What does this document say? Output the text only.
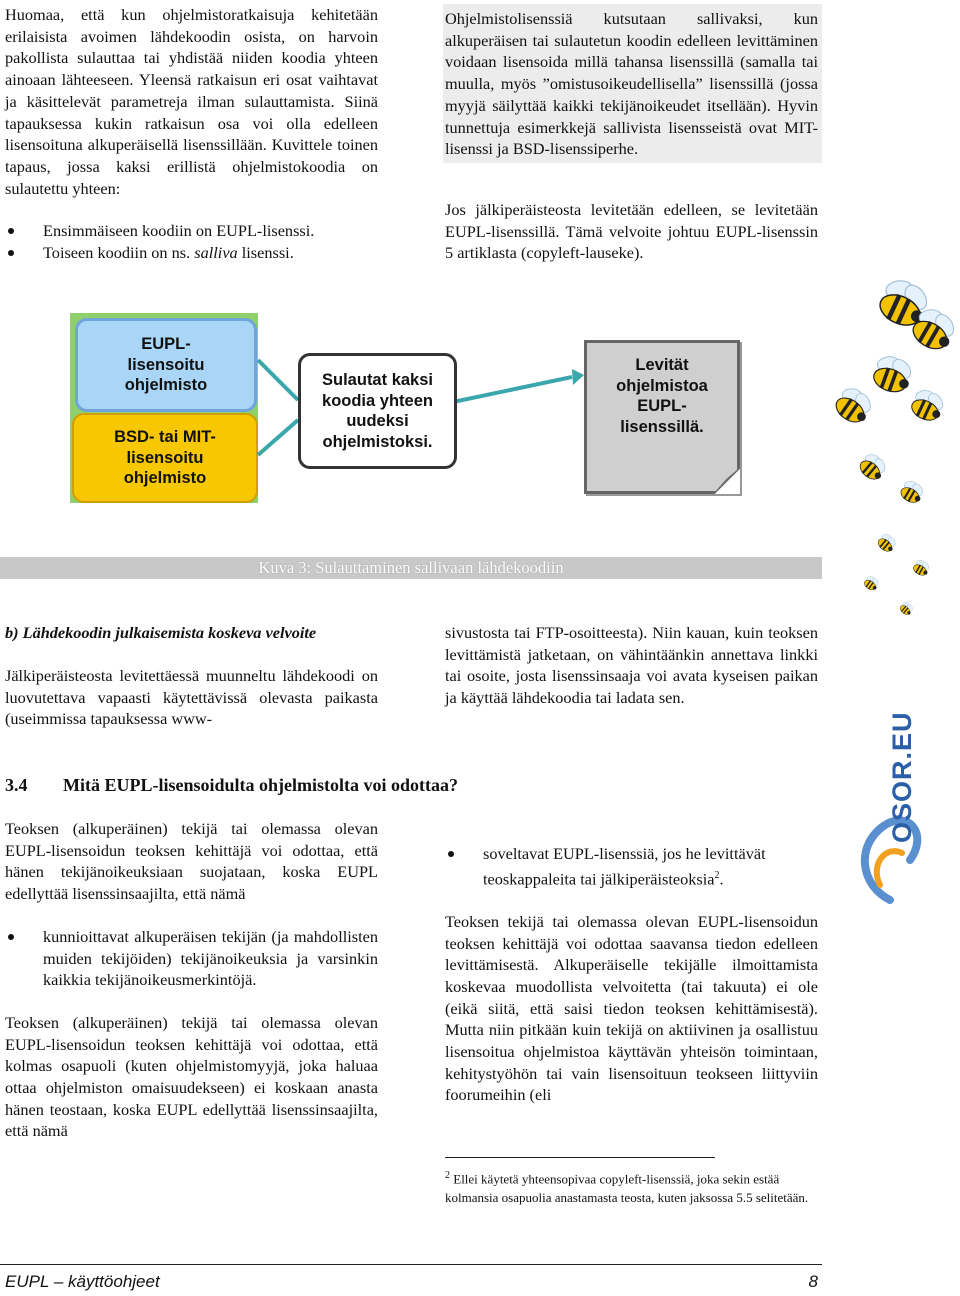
Huomaa, että kun ohjelmistoratkaisuja kehitetään erilaisista avoimen lähdekoodin osista, on harvoin pakollista sulauttaa tai yhdistää niiden koodia yhteen ainoaan lähteeseen. Yleensä ratkaisun eri osat vaihtavat ja käsittelevät parametreja ilman sulauttamista. Siinä tapauksessa kukin ratkaisun osa voi olla edelleen lisensoituna alkuperäisellä lisenssillään. Kuvittele toinen tapaus, jossa kaksi erillistä ohjelmistokoodia on sulautettu yhteen:

Ensimmäiseen koodiin on EUPL-lisenssi.
Toiseen koodiin on ns. salliva lisenssi.

Ohjelmistolisenssiä kutsutaan sallivaksi, kun alkuperäisen tai sulautetun koodin edelleen levittäminen voidaan lisensoida millä tahansa lisenssillä (samalla tai muulla, myös ”omistusoikeudellisella” lisenssillä (jossa myyjä säilyttää kaikki tekijänoikeudet itsellään). Hyvin tunnettuja esimerkkejä sallivista lisensseistä ovat MIT-lisenssi ja BSD-lisenssiperhe.

Jos jälkiperäisteosta levitetään edelleen, se levitetään EUPL-lisenssillä. Tämä velvoite johtuu EUPL-lisenssin 5 artiklasta (copyleft-lauseke).

EUPL-lisensoitu ohjelmisto
BSD- tai MIT-lisensoitu ohjelmisto
Sulautat kaksi koodia yhteen uudeksi ohjelmistoksi.
Levität ohjelmistoa EUPL-lisenssillä.
Kuva 3: Sulauttaminen sallivaan lähdekoodiin

b) Lähdekoodin julkaisemista koskeva velvoite

Jälkiperäisteosta levitettäessä muunneltu lähdekoodi on luovutettava vapaasti käytettävissä olevasta paikasta (useimmissa tapauksessa www-

sivustosta tai FTP-osoitteesta). Niin kauan, kuin teoksen levittämistä jatketaan, on vähintäänkin annettava linkki tai osoite, josta lisenssinsaaja voi avata kyseisen paikan ja käyttää lähdekoodia tai ladata sen.

3.4 Mitä EUPL-lisensoidulta ohjelmistolta voi odottaa?

Teoksen (alkuperäinen) tekijä tai olemassa olevan EUPL-lisensoidun teoksen kehittäjä voi odottaa, että hänen tekijänoikeuksiaan suojataan, koska EUPL edellyttää lisenssinsaajilta, että nämä

kunnioittavat alkuperäisen tekijän (ja mahdollisten muiden tekijöiden) tekijänoikeuksia ja varsinkin kaikkia tekijänoikeusmerkintöjä.

Teoksen (alkuperäinen) tekijä tai olemassa olevan EUPL-lisensoidun teoksen kehittäjä voi odottaa, että kolmas osapuoli (kuten ohjelmistomyyjä, joka haluaa ottaa ohjelmiston omaisuudekseen) ei koskaan anasta hänen teostaan, koska EUPL edellyttää lisenssinsaajilta, että nämä

soveltavat EUPL-lisenssiä, jos he levittävät teoskappaleita tai jälkiperäisteoksia$^2$.

Teoksen tekijä tai olemassa olevan EUPL-lisensoidun teoksen kehittäjä voi odottaa saavansa tiedon edelleen levittämisestä. Alkuperäiselle tekijälle ilmoittamista koskevaa muodollista velvoitetta (tai takuuta) ei ole (eikä siitä, että saisi tiedon teoksen kehittämisestä). Mutta niin pitkään kuin tekijä on aktiivinen ja osallistuu lisensoitua ohjelmistoa käyttävän yhteisön toimintaan, kehitystyöhön tai vain lisensoituun teokseen liittyviin foorumeihin (eli

$^2$ Ellei käytetä yhteensopivaa copyleft-lisenssiä, joka sekin estää kolmansia osapuolia anastamasta teosta, kuten jaksossa 5.5 selitetään.
OSOR.EU
EUPL – käyttöohjeet	8
